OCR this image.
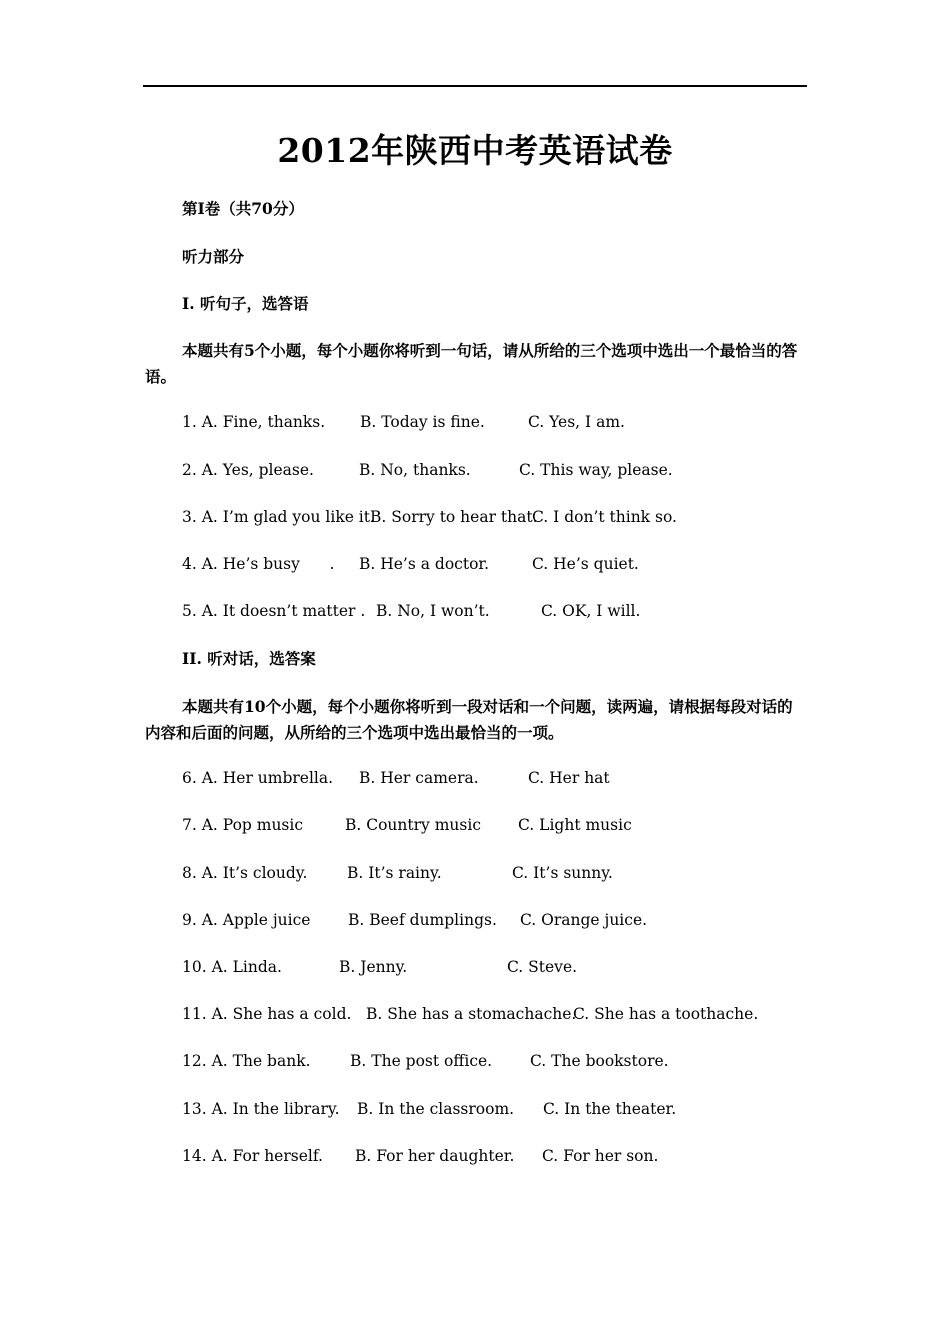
2012年陕西中考英语试卷
第I卷（共70分）
听力部分
I. 听句子，选答语
本题共有5个小题，每个小题你将听到一句话，请从所给的三个选项中选出一个最恰当的答语。
1. A. Fine, thanks. B. Today is fine.	C. Yes, I am.
2. A. Yes, please.	B. No, thanks.	C. This way, please.
3. A. I’m glad you like it.
B. Sorry to hear that.
C. I don’t think so.
4. A. He’s busy      . B. He’s a doctor.	C. He’s quiet.
5. A. It doesn’t matter . B. No, I won’t.	C. OK, I will.
II. 听对话，选答案
本题共有10个小题，每个小题你将听到一段对话和一个问题，读两遍，请根据每段对话的内容和后面的问题，从所给的三个选项中选出最恰当的一项。
6. A. Her umbrella. B. Her camera.	C. Her hat
7. A. Pop music	B. Country music C. Light music
8. A. It’s cloudy.	B. It’s rainy.	C. It’s sunny.
9. A. Apple juice B. Beef dumplings. C. Orange juice.
10. A. Linda.	B. Jenny.	C. Steve.
11. A. She has a cold. B. She has a stomachache.
C. She has a toothache.
12. A. The bank.	B. The post office. C. The bookstore.
13. A. In the library. B. In the classroom. C. In the theater.
14. A. For herself. B. For her daughter. C. For her son.
